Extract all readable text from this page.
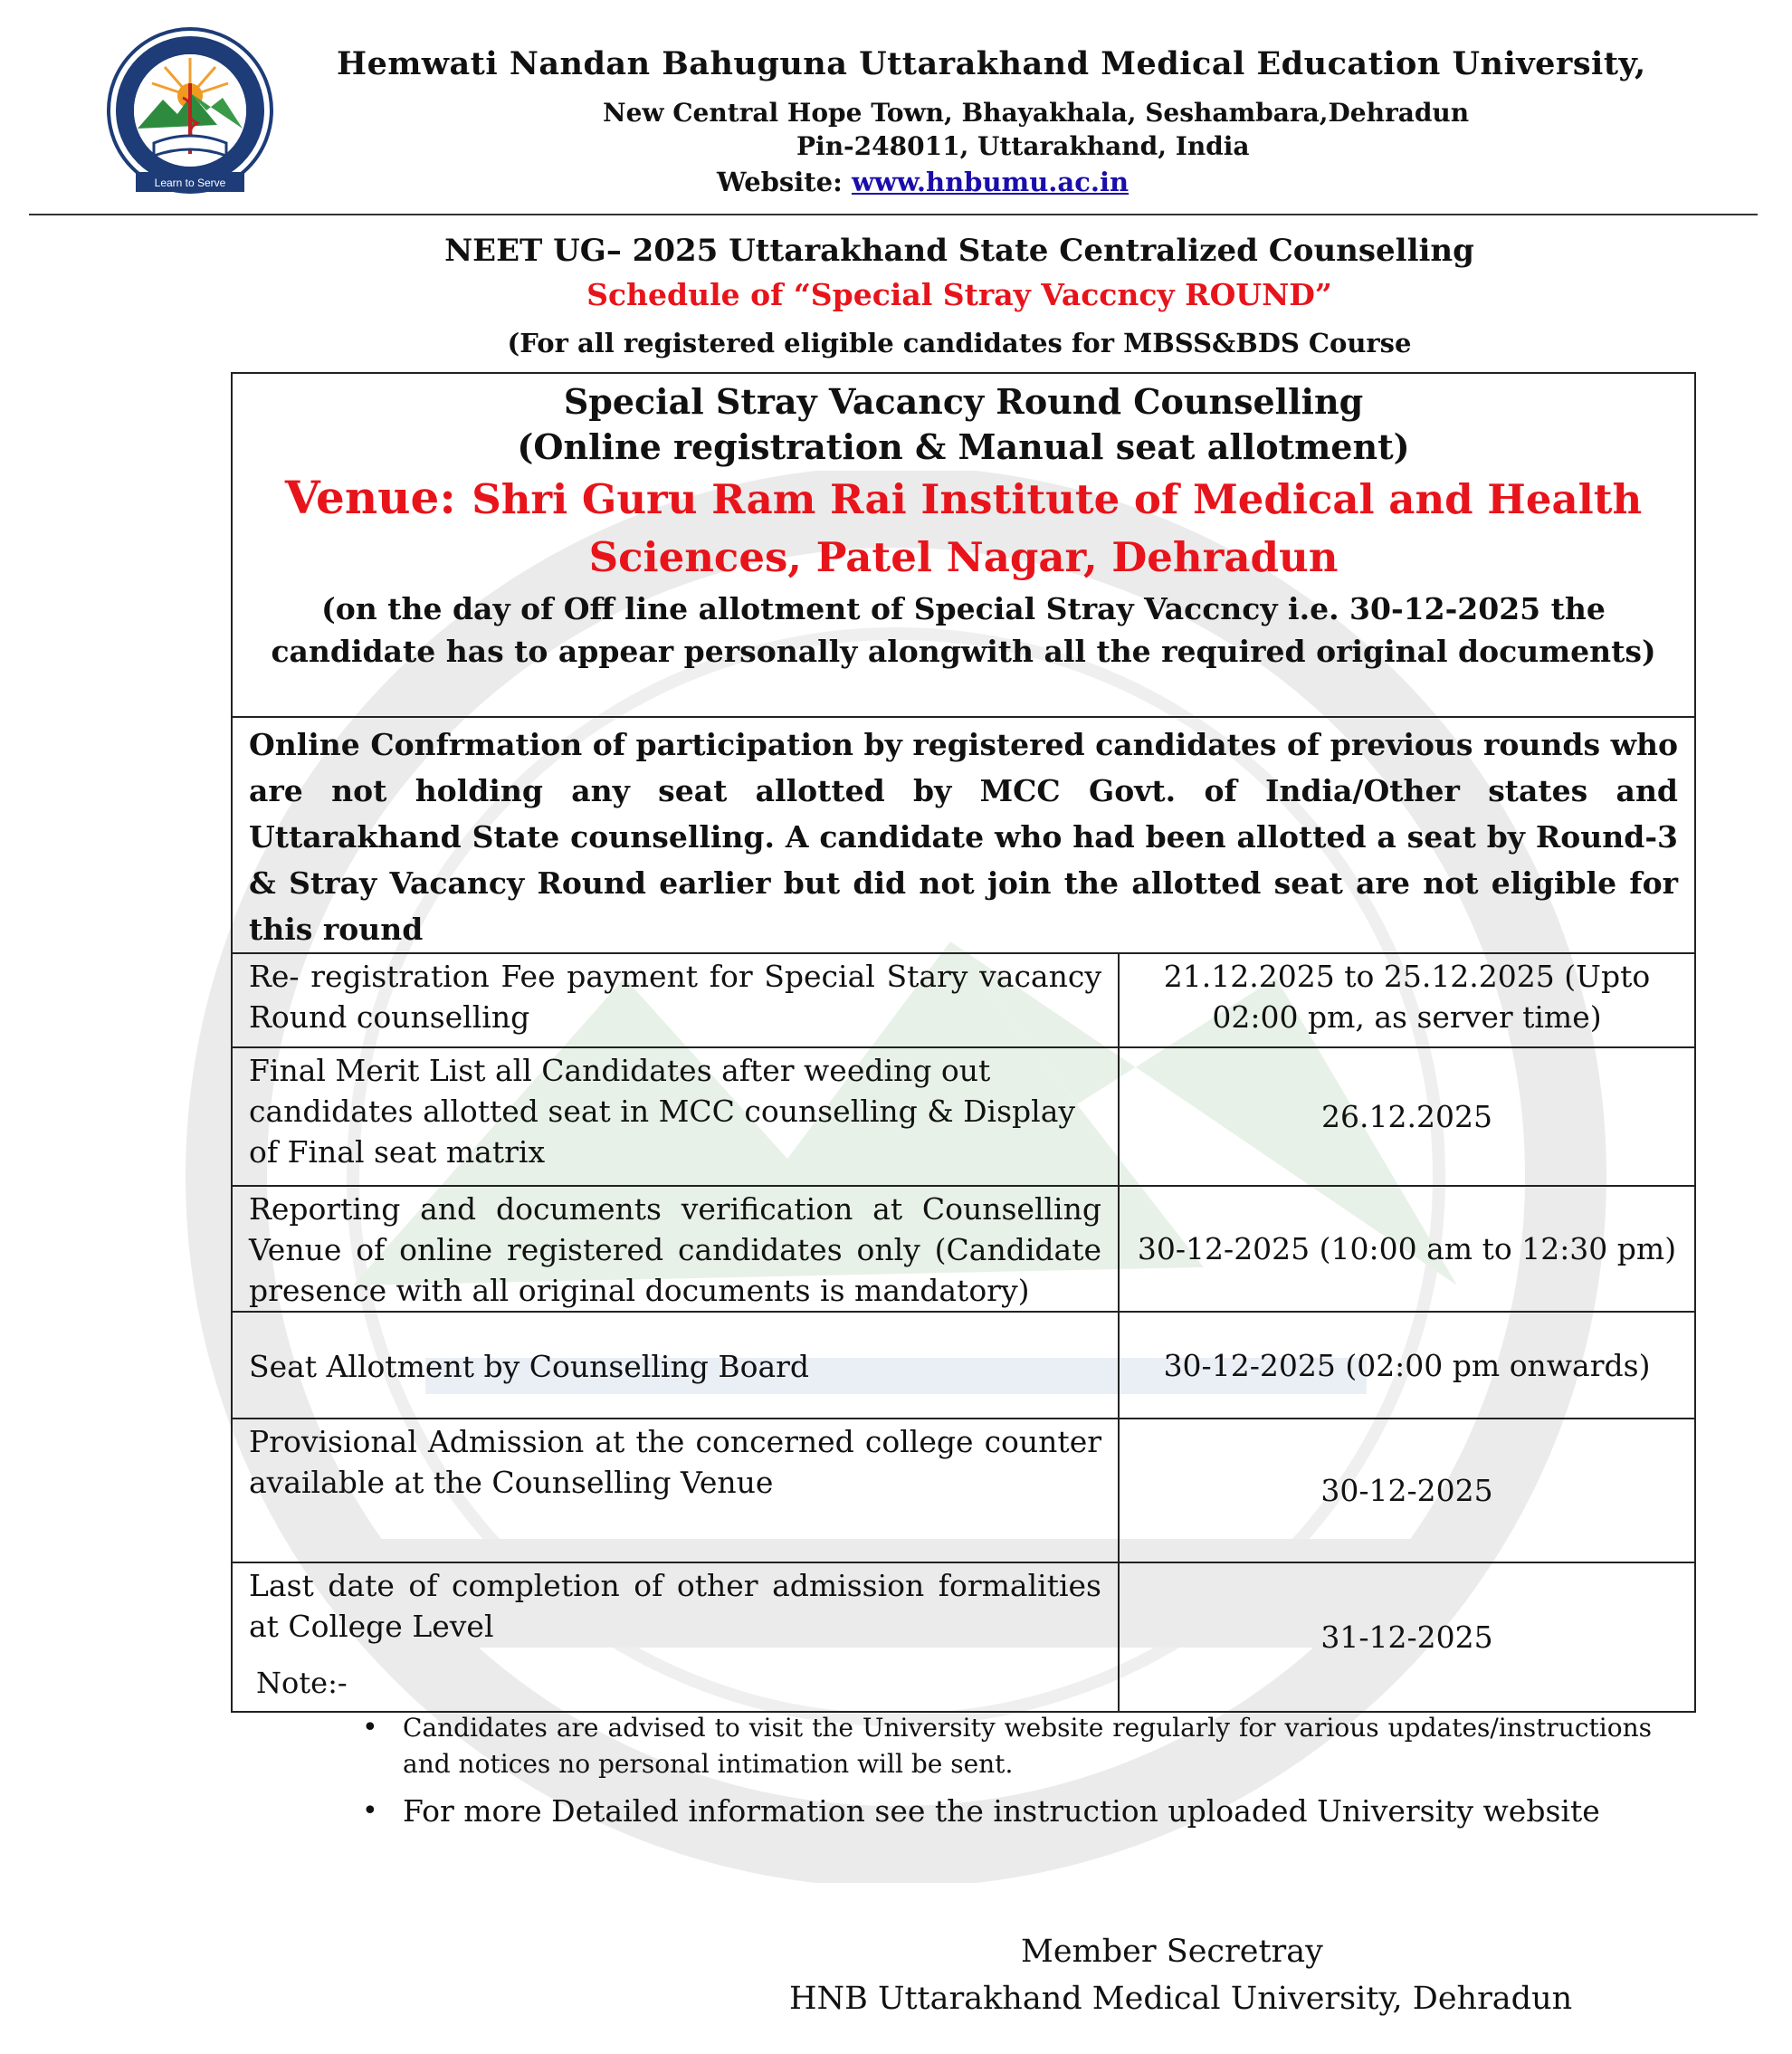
Learn to Serve
Hemwati Nandan Bahuguna Uttarakhand Medical Education University,
New Central Hope Town, Bhayakhala, Seshambara,Dehradun
Pin-248011, Uttarakhand, India
Website: www.hnbumu.ac.in
NEET UG– 2025 Uttarakhand State Centralized Counselling
Schedule of “Special Stray Vaccncy ROUND”
(For all registered eligible candidates for MBSS&BDS Course
Special Stray Vacancy Round Counselling
(Online registration & Manual seat allotment)
Venue: Shri Guru Ram Rai Institute of Medical and Health Sciences, Patel Nagar, Dehradun
(on the day of Off line allotment of Special Stray Vaccncy i.e. 30-12-2025 the candidate has to appear personally alongwith all the required original documents)	

Online Confrmation of participation by registered candidates of previous rounds who are not holding any seat allotted by MCC Govt. of India/Other states and Uttarakhand State counselling. A candidate who had been allotted a seat by Round-3 & Stray Vacancy Round earlier but did not join the allotted seat are not eligible for this round	
Re- registration Fee payment for Special Stary vacancy Round counselling	21.12.2025 to 25.12.2025 (Upto 02:00 pm, as server time)
Final Merit List all Candidates after weeding out candidates allotted seat in MCC counselling & Display of Final seat matrix	26.12.2025
Reporting and documents verification at Counselling Venue of online registered candidates only (Candidate presence with all original documents is mandatory)	30-12-2025 (10:00 am to 12:30 pm)
Seat Allotment by Counselling Board	30-12-2025 (02:00 pm onwards)
Provisional Admission at the concerned college counter available at the Counselling Venue	30-12-2025
Last date of completion of other admission formalities at College Level	31-12-2025
Note:-
• Candidates are advised to visit the University website regularly for various updates/instructions and notices no personal intimation will be sent.
• For more Detailed information see the instruction uploaded University website
Member Secretray
HNB Uttarakhand Medical University, Dehradun
